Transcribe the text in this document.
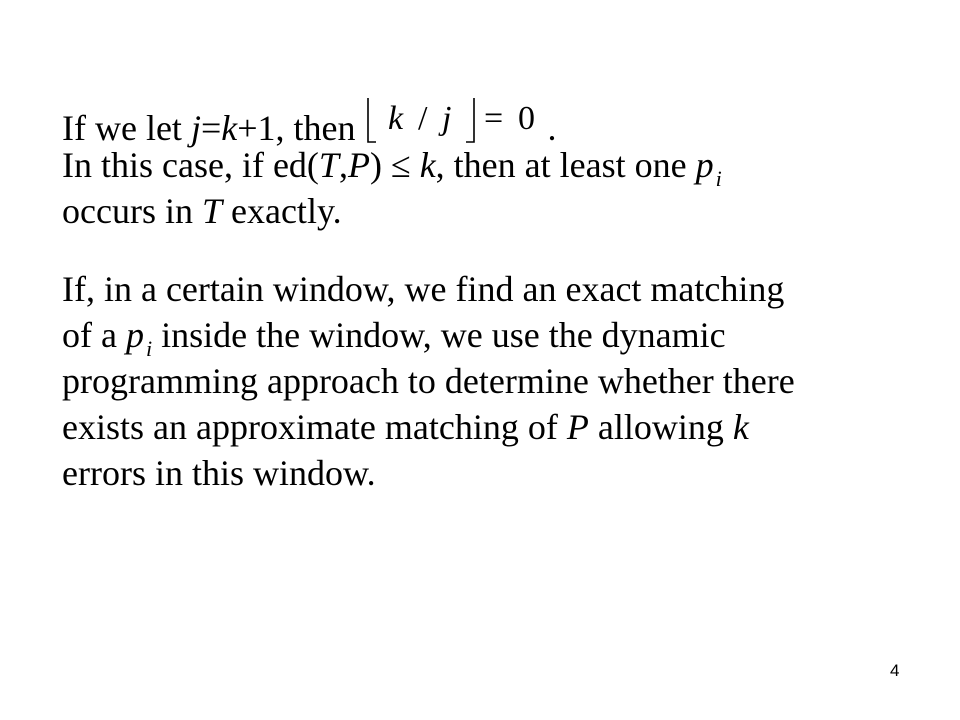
If we let j=k+1, then k / j = 0 .
In this case, if ed(T,P) ≤ k, then at least one $p_i$
occurs in T exactly.
If, in a certain window, we find an exact matching
of a $p_i$ inside the window, we use the dynamic
programming approach to determine whether there
exists an approximate matching of P allowing k
errors in this window.
4
